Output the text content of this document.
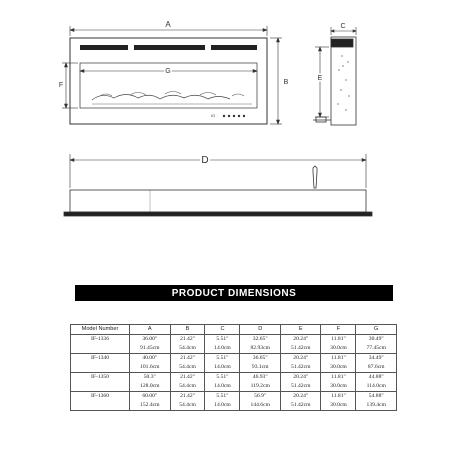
IO
A
G
F	B
C
E
D
PRODUCT DIMENSIONS
Model Number	A	B	C	D	E	F	G
IF-1336	36.00"	21.42"	5.51"	32.65"	20.24"	11.81"	30.49"
	91.45cm	54.4cm	14.0cm	82.93cm	51.42cm	30.0cm	77.45cm
IF-1340	40.00"	21.42"	5.51"	36.65"	20.24"	11.81"	34.49"
	101.6cm	54.4cm	14.0cm	93.1cm	51.42cm	30.0cm	87.6cm
IF-1350	50.3"	21.42"	5.51"	46.93"	20.24"	11.81"	44.88"
	128.0cm	54.4cm	14.0cm	119.2cm	51.42cm	30.0cm	114.0cm
IF-1360	60.00"	21.42"	5.51"	56.9"	20.24"	11.81"	54.88"
	152.4cm	54.4cm	14.0cm	144.6cm	51.42cm	30.0cm	139.4cm
